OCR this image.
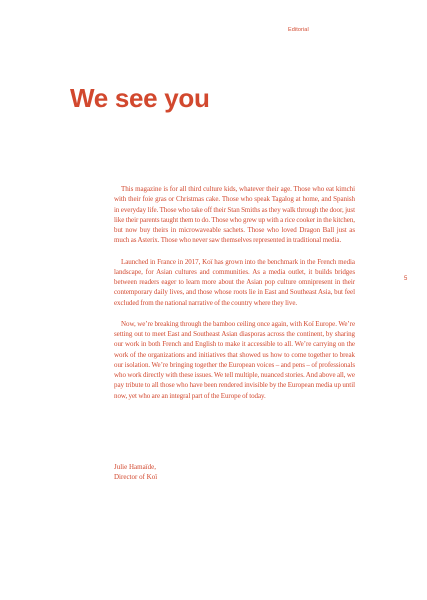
Editorial
We see you
5

This magazine is for all third culture kids, whatever their age. Those who eat kimchi with their foie gras or Christmas cake. Those who speak Tagalog at home, and Spanish in everyday life. Those who take off their Stan Smiths as they walk through the door, just like their parents taught them to do. Those who grew up with a rice cooker in the kitchen, but now buy theirs in microwaveable sachets. Those who loved Dragon Ball just as much as Asterix. Those who never saw themselves represented in traditional media.

Launched in France in 2017, Koï has grown into the benchmark in the French media landscape, for Asian cultures and communities. As a media outlet, it builds bridges between readers eager to learn more about the Asian pop culture omnipresent in their contemporary daily lives, and those whose roots lie in East and Southeast Asia, but feel excluded from the national narrative of the country where they live.

Now, we’re breaking through the bamboo ceiling once again, with Koï Europe. We’re setting out to meet East and Southeast Asian diasporas across the continent, by sharing our work in both French and English to make it accessible to all. We’re carrying on the work of the organizations and initiatives that showed us how to come together to break our isolation. We’re bringing together the European voices – and pens – of professionals who work directly with these issues. We tell multiple, nuanced stories. And above all, we pay tribute to all those who have been rendered invisible by the European media up until now, yet who are an integral part of the Europe of today.

Julie Hamaïde,
Director of Koï
